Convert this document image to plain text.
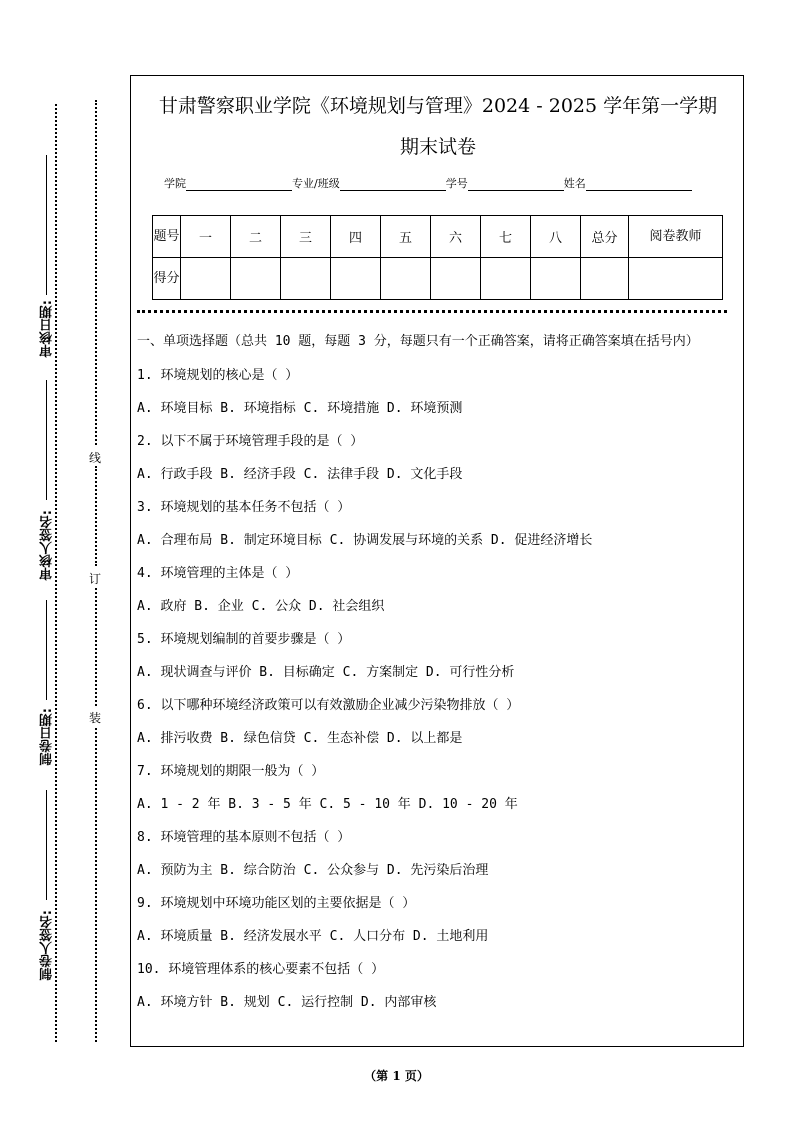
审核日期:
审核人签名:
制卷日期:
制卷人签名:
线
订
装
甘肃警察职业学院《环境规划与管理》2024 - 2025 学年第一学期
期末试卷
学院	专业/班级	学号	姓名
题号	一	二	三	四	五	六	七	八	总分	阅卷教师
得分										
一、单项选择题（总共 10 题，每题 3 分，每题只有一个正确答案，请将正确答案填在括号内）
1. 环境规划的核心是（ ）
A. 环境目标 B. 环境指标 C. 环境措施 D. 环境预测
2. 以下不属于环境管理手段的是（ ）
A. 行政手段 B. 经济手段 C. 法律手段 D. 文化手段
3. 环境规划的基本任务不包括（ ）
A. 合理布局 B. 制定环境目标 C. 协调发展与环境的关系 D. 促进经济增长
4. 环境管理的主体是（ ）
A. 政府 B. 企业 C. 公众 D. 社会组织
5. 环境规划编制的首要步骤是（ ）
A. 现状调查与评价 B. 目标确定 C. 方案制定 D. 可行性分析
6. 以下哪种环境经济政策可以有效激励企业减少污染物排放（ ）
A. 排污收费 B. 绿色信贷 C. 生态补偿 D. 以上都是
7. 环境规划的期限一般为（ ）
A. 1 - 2 年 B. 3 - 5 年 C. 5 - 10 年 D. 10 - 20 年
8. 环境管理的基本原则不包括（ ）
A. 预防为主 B. 综合防治 C. 公众参与 D. 先污染后治理
9. 环境规划中环境功能区划的主要依据是（ ）
A. 环境质量 B. 经济发展水平 C. 人口分布 D. 土地利用
10. 环境管理体系的核心要素不包括（ ）
A. 环境方针 B. 规划 C. 运行控制 D. 内部审核
（第 1 页）
